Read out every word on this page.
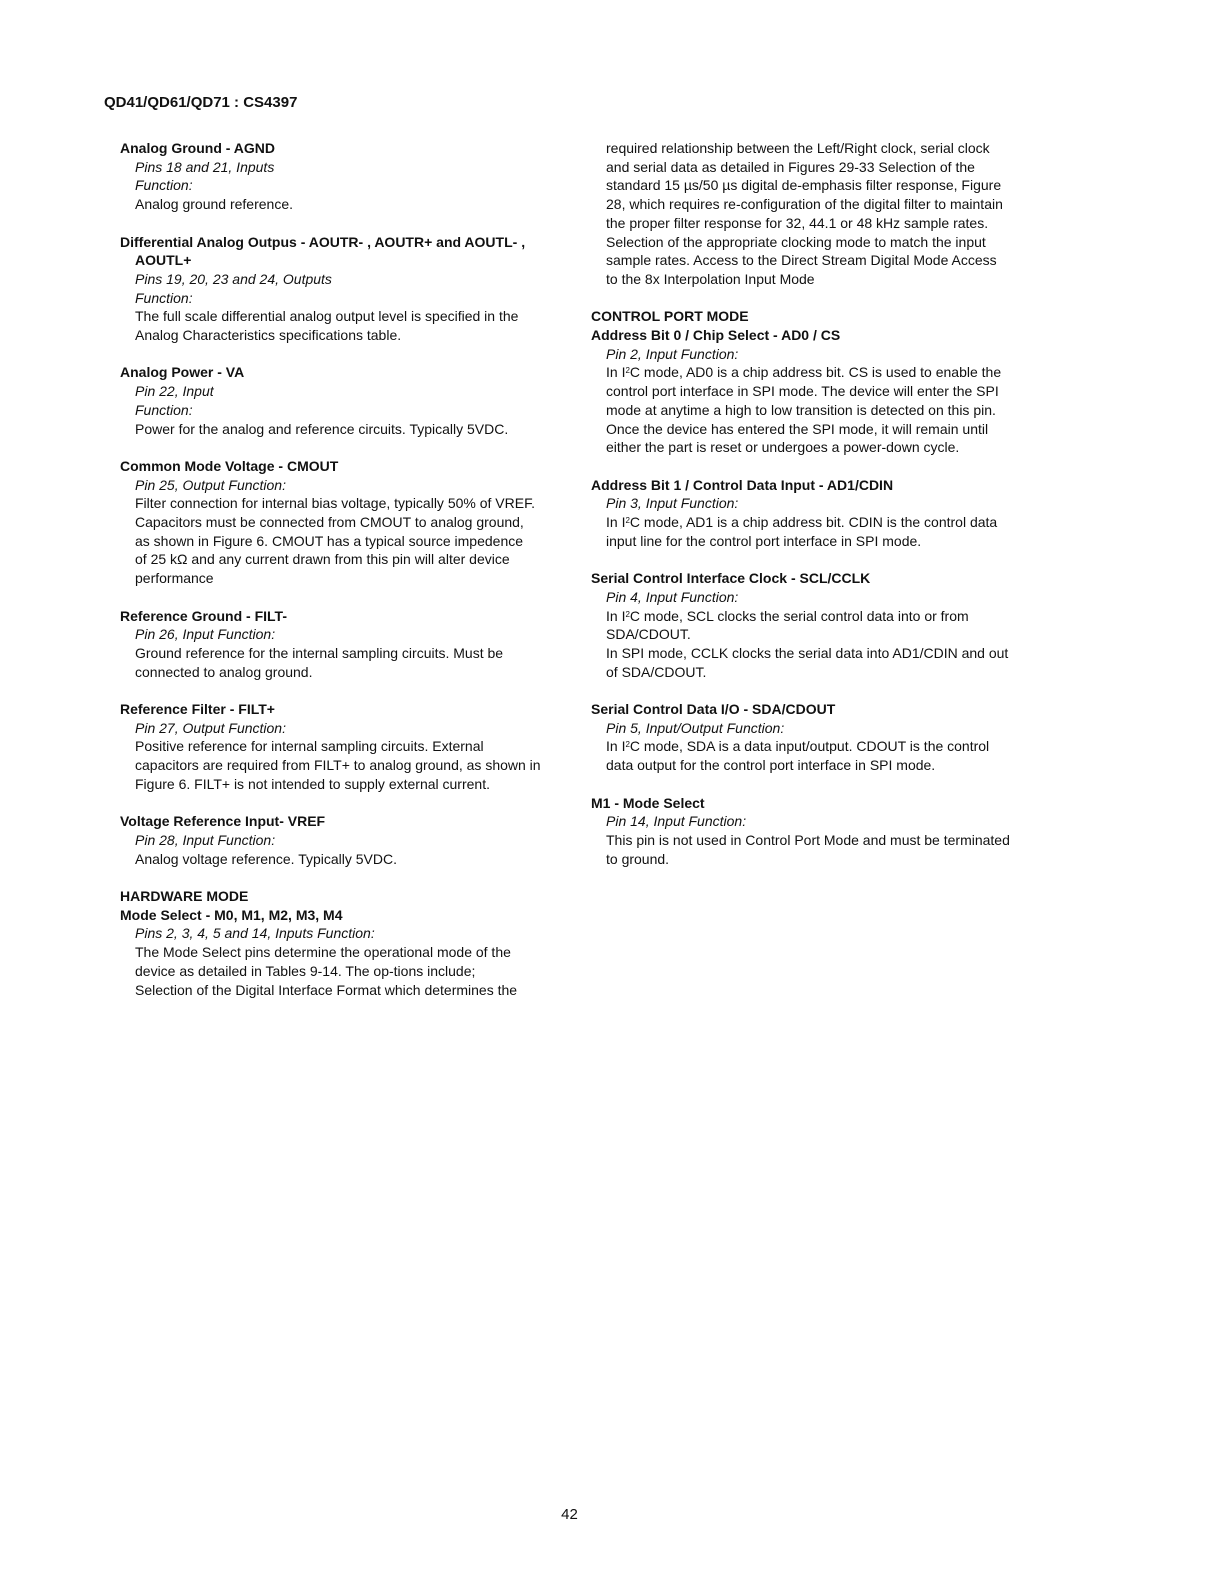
QD41/QD61/QD71 : CS4397
Analog Ground - AGND
Pins 18 and 21, Inputs
Function:
Analog ground reference.
Differential Analog Outpus - AOUTR- , AOUTR+ and AOUTL- ,
AOUTL+
Pins 19, 20, 23 and 24, Outputs
Function:
The full scale differential analog output level is specified in the
Analog Characteristics specifications table.
Analog Power - VA
Pin 22, Input
Function:
Power for the analog and reference circuits. Typically 5VDC.
Common Mode Voltage - CMOUT
Pin 25, Output Function:
Filter connection for internal bias voltage, typically 50% of VREF.
Capacitors must be connected from CMOUT to analog ground,
as shown in Figure 6. CMOUT has a typical source impedence
of 25 kΩ and any current drawn from this pin will alter device
performance
Reference Ground - FILT-
Pin 26, Input Function:
Ground reference for the internal sampling circuits. Must be
connected to analog ground.
Reference Filter - FILT+
Pin 27, Output Function:
Positive reference for internal sampling circuits. External
capacitors are required from FILT+ to analog ground, as shown in
Figure 6. FILT+ is not intended to supply external current.
Voltage Reference Input- VREF
Pin 28, Input Function:
Analog voltage reference. Typically 5VDC.
HARDWARE MODE
Mode Select - M0, M1, M2, M3, M4
Pins 2, 3, 4, 5 and 14, Inputs Function:
The Mode Select pins determine the operational mode of the
device as detailed in Tables 9-14. The op-tions include;
Selection of the Digital Interface Format which determines the
required relationship between the Left/Right clock, serial clock
and serial data as detailed in Figures 29-33 Selection of the
standard 15 µs/50 µs digital de-emphasis filter response, Figure
28, which requires re-configuration of the digital filter to maintain
the proper filter response for 32, 44.1 or 48 kHz sample rates.
Selection of the appropriate clocking mode to match the input
sample rates. Access to the Direct Stream Digital Mode Access
to the 8x Interpolation Input Mode
CONTROL PORT MODE
Address Bit 0 / Chip Select - AD0 / CS
Pin 2, Input Function:
In $I^2C$ mode, AD0 is a chip address bit. CS is used to enable the
control port interface in SPI mode. The device will enter the SPI
mode at anytime a high to low transition is detected on this pin.
Once the device has entered the SPI mode, it will remain until
either the part is reset or undergoes a power-down cycle.
Address Bit 1 / Control Data Input - AD1/CDIN
Pin 3, Input Function:
In $I^2C$ mode, AD1 is a chip address bit. CDIN is the control data
input line for the control port interface in SPI mode.
Serial Control Interface Clock - SCL/CCLK
Pin 4, Input Function:
In $I^2C$ mode, SCL clocks the serial control data into or from
SDA/CDOUT.
In SPI mode, CCLK clocks the serial data into AD1/CDIN and out
of SDA/CDOUT.
Serial Control Data I/O - SDA/CDOUT
Pin 5, Input/Output Function:
In $I^2C$ mode, SDA is a data input/output. CDOUT is the control
data output for the control port interface in SPI mode.
M1 - Mode Select
Pin 14, Input Function:
This pin is not used in Control Port Mode and must be terminated
to ground.
42
